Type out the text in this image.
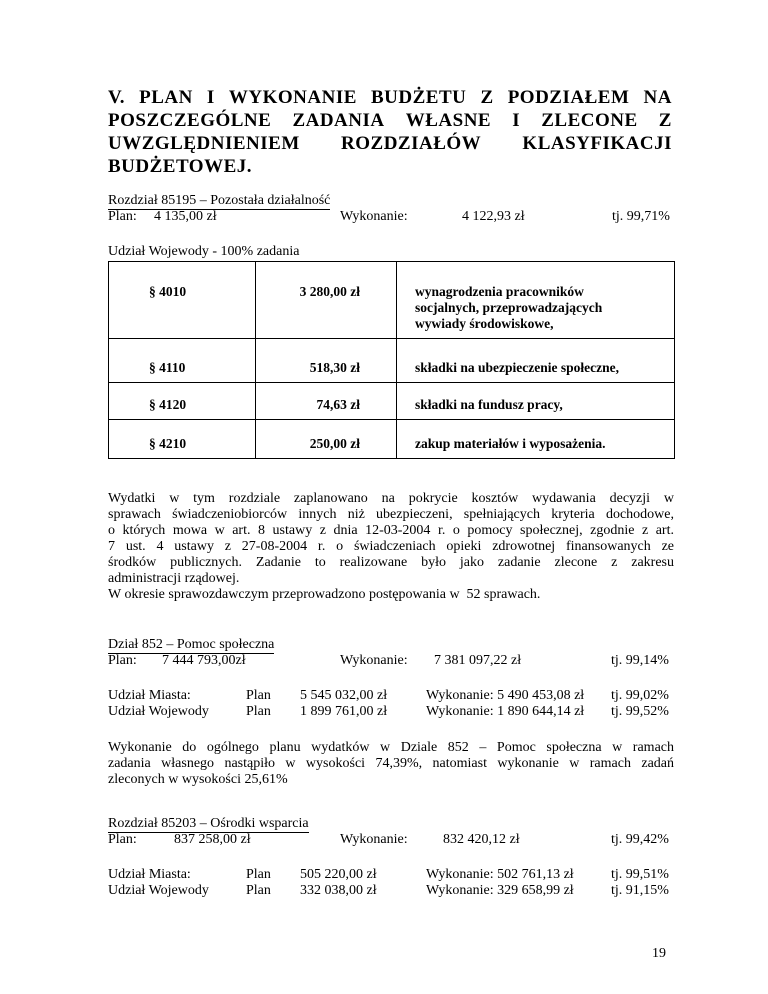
V. PLAN I WYKONANIE BUDŻETU Z PODZIAŁEM NA
POSZCZEGÓLNE ZADANIA WŁASNE I ZLECONE Z
UWZGLĘDNIENIEM ROZDZIAŁÓW KLASYFIKACJI
BUDŻETOWEJ.
Rozdział 85195 – Pozostała działalność
Plan: 4 135,00 zł	Wykonanie:	4 122,93 zł	tj. 99,71%
Udział Wojewody - 100% zadania
§ 4010	3 280,00 zł	wynagrodzenia pracowników
socjalnych, przeprowadzających
wywiady środowiskowe,

§ 4110	518,30 zł	składki na ubezpieczenie społeczne,
§ 4120	74,63 zł	składki na fundusz pracy,
§ 4210	250,00 zł	zakup materiałów i wyposażenia.

Wydatki w tym rozdziale zaplanowano na pokrycie kosztów wydawania decyzji w

sprawach świadczeniobiorców innych niż ubezpieczeni, spełniających kryteria dochodowe,

o których mowa w art. 8 ustawy z dnia 12-03-2004 r. o pomocy społecznej, zgodnie z art.

7 ust. 4 ustawy z 27-08-2004 r. o świadczeniach opieki zdrowotnej finansowanych ze

środków publicznych. Zadanie to realizowane było jako zadanie zlecone z zakresu

administracji rządowej.

W okresie sprawozdawczym przeprowadzono postępowania w  52 sprawach.

Dział 852 – Pomoc społeczna
Plan: 7 444 793,00zł	Wykonanie: 7 381 097,22 zł	tj. 99,14%
Udział Miasta:	Plan 5 545 032,00 zł	Wykonanie: 5 490 453,08 zł tj. 99,02%
Udział Wojewody	Plan 1 899 761,00 zł	Wykonanie: 1 890 644,14 zł tj. 99,52%
Wykonanie do ogólnego planu wydatków w Dziale 852 – Pomoc społeczna w ramach
zadania własnego nastąpiło w wysokości 74,39%, natomiast wykonanie w ramach zadań
zleconych w wysokości 25,61%
Rozdział 85203 – Ośrodki wsparcia
Plan:	837 258,00 zł	Wykonanie:	832 420,12 zł	tj. 99,42%
Udział Miasta:	Plan 505 220,00 zł	Wykonanie: 502 761,13 zł	tj. 99,51%
Udział Wojewody	Plan 332 038,00 zł	Wykonanie: 329 658,99 zł	tj. 91,15%
19
